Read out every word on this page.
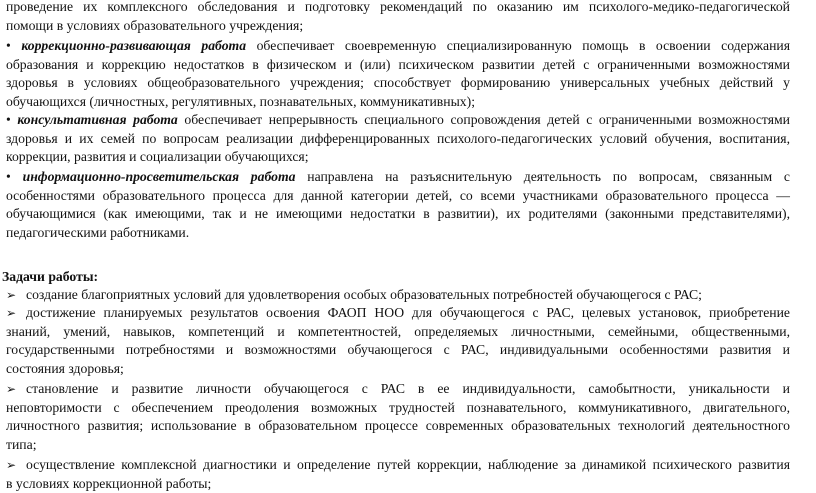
проведение их комплексного обследования и подготовку рекомендаций по оказанию им психолого-медико-педагогической
помощи в условиях образовательного учреждения;
• коррекционно-развивающая работа обеспечивает своевременную специализированную помощь в освоении содержания
образования и коррекцию недостатков в физическом и (или) психическом развитии детей с ограниченными возможностями
здоровья в условиях общеобразовательного учреждения; способствует формированию универсальных учебных действий у
обучающихся (личностных, регулятивных, познавательных, коммуникативных);
• консультативная работа обеспечивает непрерывность специального сопровождения детей с ограниченными возможностями
здоровья и их семей по вопросам реализации дифференцированных психолого-педагогических условий обучения, воспитания,
коррекции, развития и социализации обучающихся;
• информационно-просветительская работа направлена на разъяснительную деятельность по вопросам, связанным с
особенностями образовательного процесса для данной категории детей, со всеми участниками образовательного процесса —
обучающимися (как имеющими, так и не имеющими недостатки в развитии), их родителями (законными представителями),
педагогическими работниками.
Задачи работы:
➢ создание благоприятных условий для удовлетворения особых образовательных потребностей обучающегося с РАС;
➢ достижение планируемых результатов освоения ФАОП НОО для обучающегося с РАС, целевых установок, приобретение
знаний, умений, навыков, компетенций и компетентностей, определяемых личностными, семейными, общественными,
государственными потребностями и возможностями обучающегося с РАС, индивидуальными особенностями развития и
состояния здоровья;
➢ становление и развитие личности обучающегося с РАС в ее индивидуальности, самобытности, уникальности и
неповторимости с обеспечением преодоления возможных трудностей познавательного, коммуникативного, двигательного,
личностного развития; использование в образовательном процессе современных образовательных технологий деятельностного
типа;
➢ осуществление комплексной диагностики и определение путей коррекции, наблюдение за динамикой психического развития
в условиях коррекционной работы;
